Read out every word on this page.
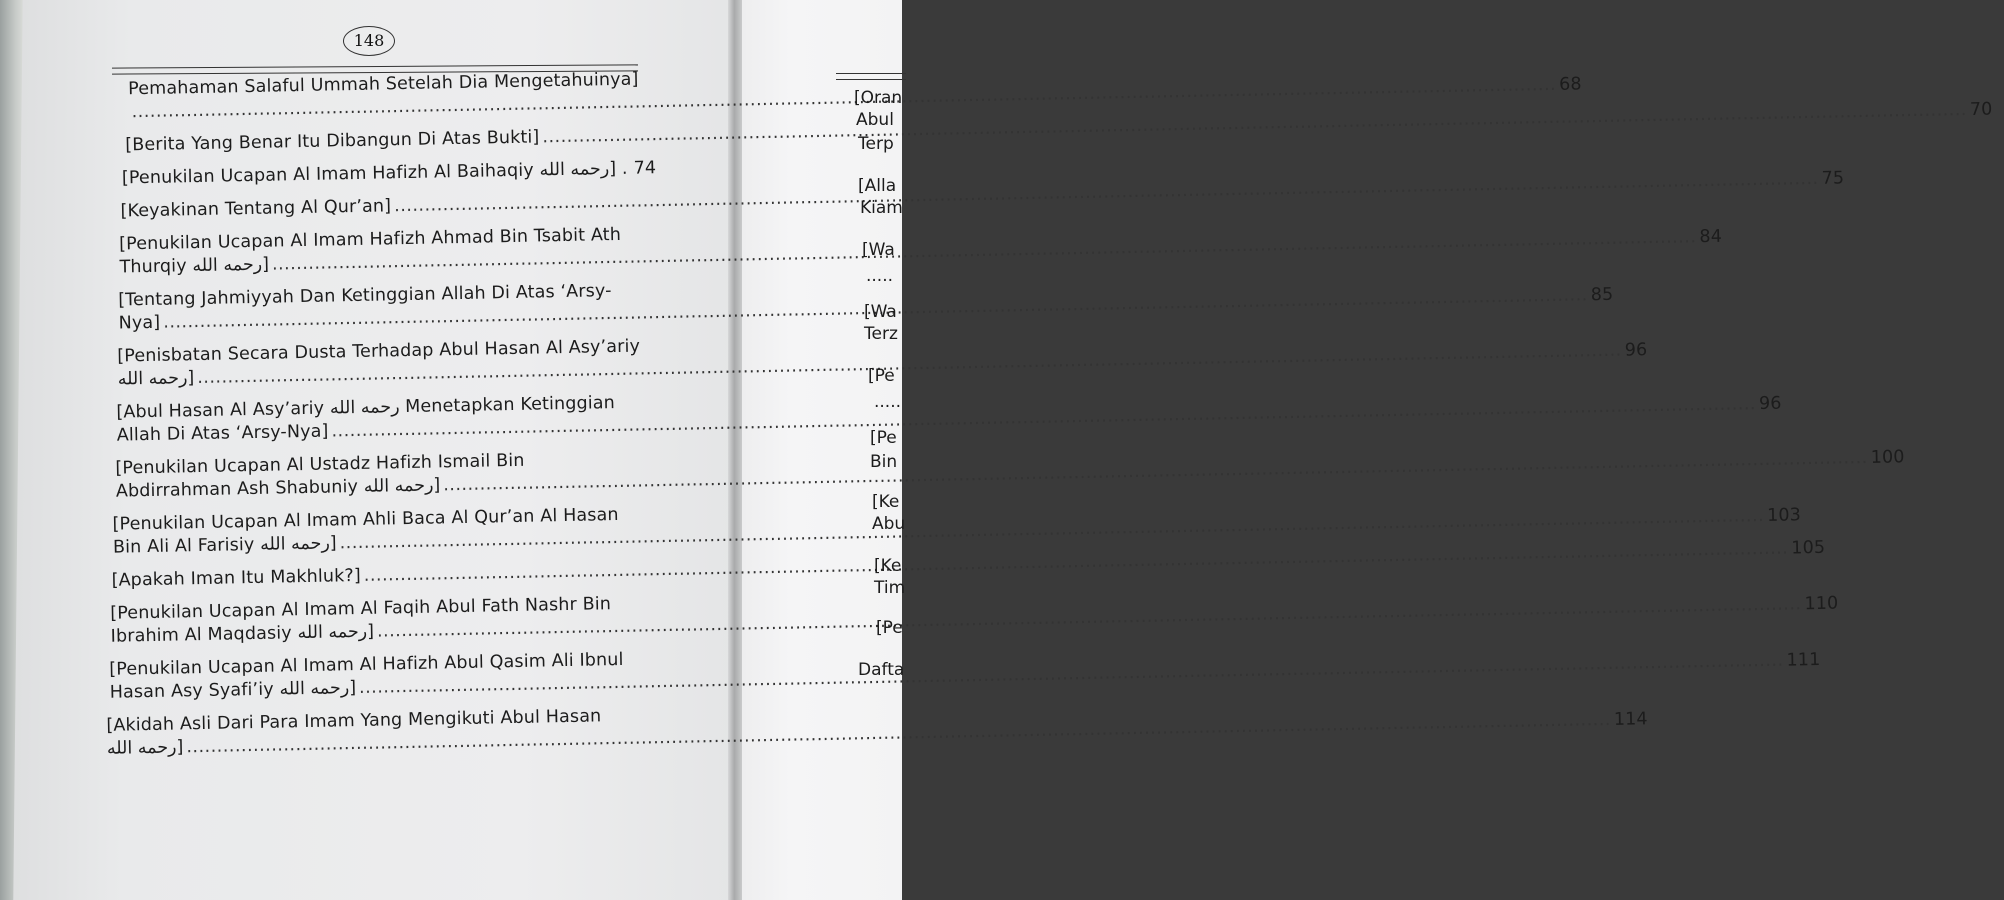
148
Pemahaman Salaful Ummah Setelah Dia Mengetahuinya] .....	68
[Berita Yang Benar Itu Dibangun Di Atas Bukti]
.....
70
[Penukilan Ucapan Al Imam Hafizh Al Baihaqiy رحمه الله] . ..... 74
[Keyakinan Tentang Al Qur’an]
.....
75
[Penukilan Ucapan Al Imam Hafizh Ahmad Bin Tsabit Ath
Thurqiy رحمه الله]
.....
84
[Tentang Jahmiyyah Dan Ketinggian Allah Di Atas ‘Arsy-
Nya]
.....
85
[Penisbatan Secara Dusta Terhadap Abul Hasan Al Asy’ariy
رحمه الله]
.....
96
[Abul Hasan Al Asy’ariy رحمه الله Menetapkan Ketinggian
Allah Di Atas ‘Arsy-Nya]
.....
96
[Penukilan Ucapan Al Ustadz Hafizh Ismail Bin
Abdirrahman Ash Shabuniy رحمه الله]
.....
100
[Penukilan Ucapan Al Imam Ahli Baca Al Qur’an Al Hasan
Bin Ali Al Farisiy رحمه الله]
.....
103
[Apakah Iman Itu Makhluk?]
.....
105
[Penukilan Ucapan Al Imam Al Faqih Abul Fath Nashr Bin
Ibrahim Al Maqdasiy رحمه الله]
.....
110
[Penukilan Ucapan Al Imam Al Hafizh Abul Qasim Ali Ibnul
Hasan Asy Syafi’iy رحمه الله]
.....
111
[Akidah Asli Dari Para Imam Yang Mengikuti Abul Hasan
رحمه الله]
.....
114
[Oran
Abul
Terp
[Alla
Kiam
[Wa
.....
[Wa
Terz
[Pe
.....
[Pe
Bin
[Ke
Abu
[Ke
Tim
[Pe
Dafta
